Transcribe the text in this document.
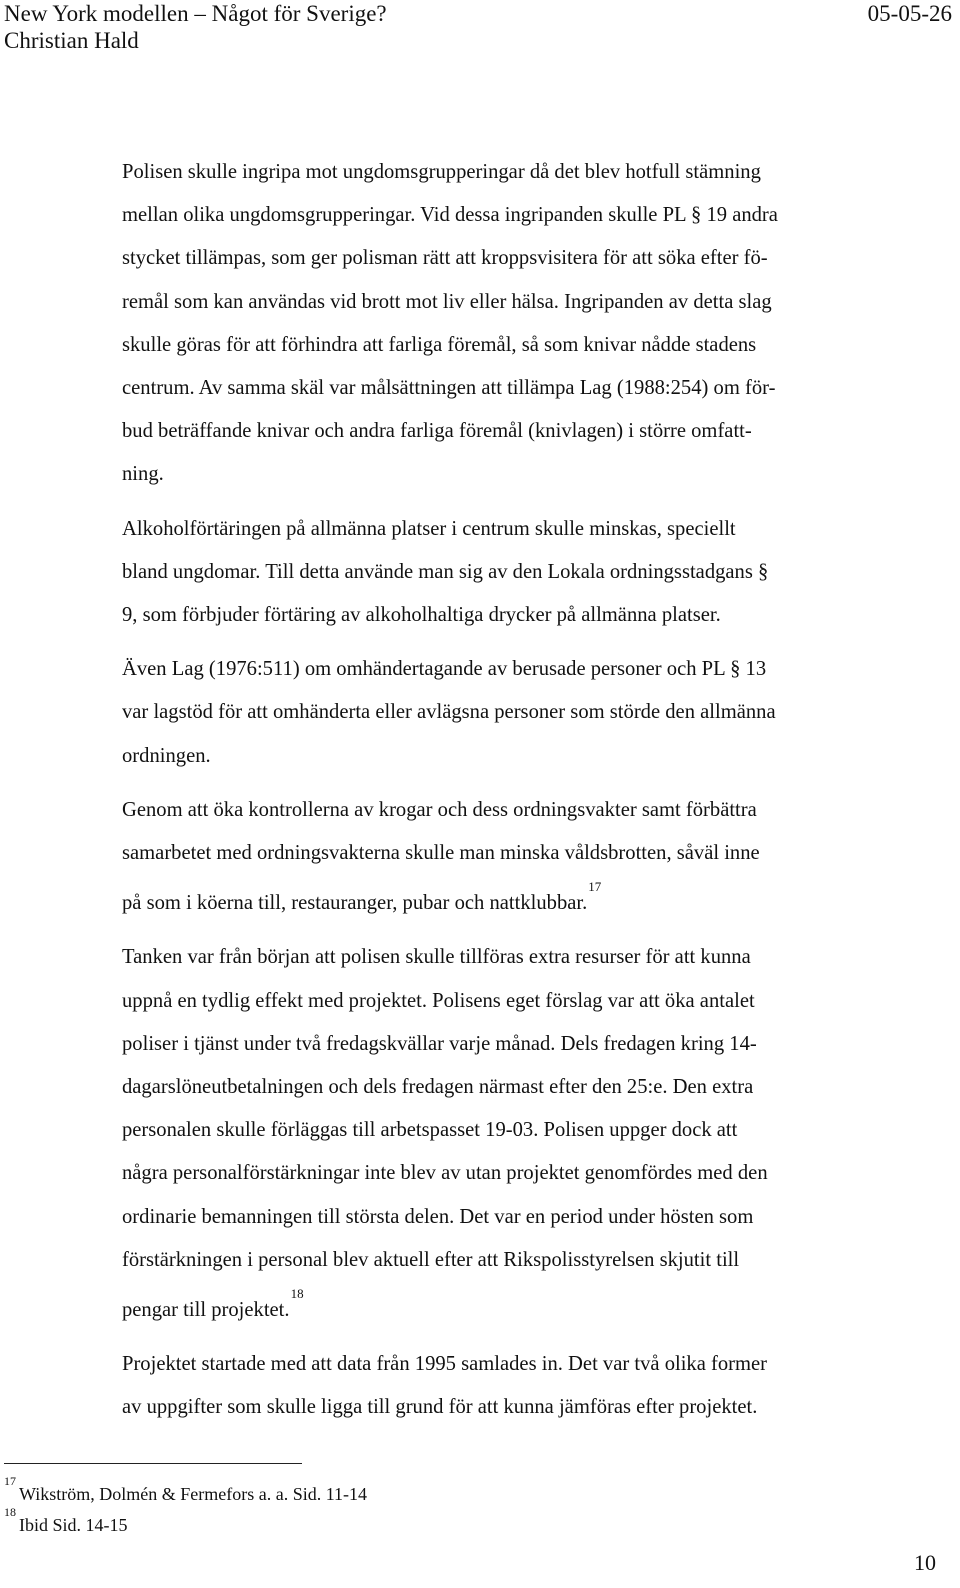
New York modellen – Något för Sverige?	05-05-26
Christian Hald

Polisen skulle ingripa mot ungdomsgrupperingar då det blev hotfull stämning
mellan olika ungdomsgrupperingar. Vid dessa ingripanden skulle PL § 19 andra
stycket tillämpas, som ger polisman rätt att kroppsvisitera för att söka efter fö-
remål som kan användas vid brott mot liv eller hälsa. Ingripanden av detta slag
skulle göras för att förhindra att farliga föremål, så som knivar nådde stadens
centrum. Av samma skäl var målsättningen att tillämpa Lag (1988:254) om för-
bud beträffande knivar och andra farliga föremål (knivlagen) i större omfatt-
ning.

Alkoholförtäringen på allmänna platser i centrum skulle minskas, speciellt
bland ungdomar. Till detta använde man sig av den Lokala ordningsstadgans §
9, som förbjuder förtäring av alkoholhaltiga drycker på allmänna platser.

Även Lag (1976:511) om omhändertagande av berusade personer och PL § 13
var lagstöd för att omhänderta eller avlägsna personer som störde den allmänna
ordningen.

Genom att öka kontrollerna av krogar och dess ordningsvakter samt förbättra
samarbetet med ordningsvakterna skulle man minska våldsbrotten, såväl inne
på som i köerna till, restauranger, pubar och nattklubbar.$^{17}$

Tanken var från början att polisen skulle tillföras extra resurser för att kunna
uppnå en tydlig effekt med projektet. Polisens eget förslag var att öka antalet
poliser i tjänst under två fredagskvällar varje månad. Dels fredagen kring 14-
dagarslöneutbetalningen och dels fredagen närmast efter den 25:e. Den extra
personalen skulle förläggas till arbetspasset 19-03. Polisen uppger dock att
några personalförstärkningar inte blev av utan projektet genomfördes med den
ordinarie bemanningen till största delen. Det var en period under hösten som
förstärkningen i personal blev aktuell efter att Rikspolisstyrelsen skjutit till
pengar till projektet.$^{18}$

Projektet startade med att data från 1995 samlades in. Det var två olika former
av uppgifter som skulle ligga till grund för att kunna jämföras efter projektet.

$^{17}$Wikström, Dolmén & Fermefors a. a. Sid. 11-14
$^{18}$Ibid Sid. 14-15
10
